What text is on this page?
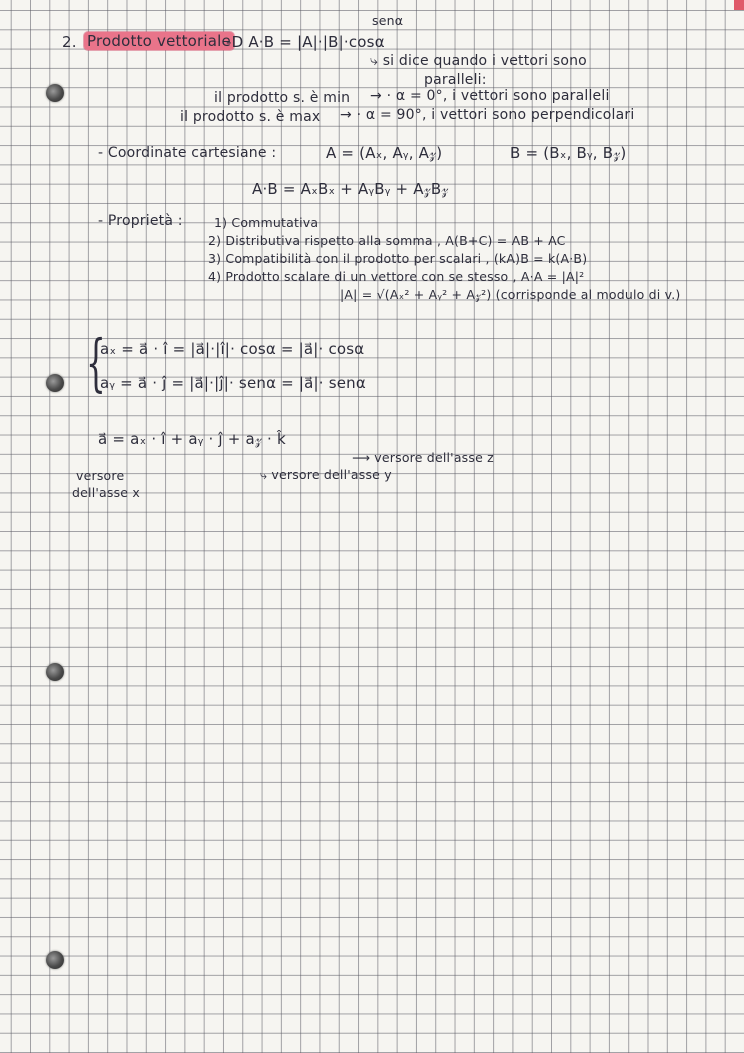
2. Prodotto vettoriale
-D A·B = |A|·|B|·cosα
senα
⤷ si dice quando i vettori sono
paralleli:
il prodotto s. è min → · α = 0°, i vettori sono paralleli
il prodotto s. è max → · α = 90°, i vettori sono perpendicolari
- Coordinate cartesiane :	A = (Aₓ, Aᵧ, A𝓏)	B = (Bₓ, Bᵧ, B𝓏)
A·B = AₓBₓ + AᵧBᵧ + A𝓏B𝓏
- Proprietà :	1) Commutativa
2) Distributiva rispetto alla somma , A(B+C) = AB + AC
3) Compatibilità con il prodotto per scalari , (kA)B = k(A·B)
4) Prodotto scalare di un vettore con se stesso , A·A = |A|²
|A| = √(Aₓ² + Aᵧ² + A𝓏²) (corrisponde al modulo di v.)
{
aₓ = a⃗ · î = |a⃗|·|î|· cosα = |a⃗|· cosα
aᵧ = a⃗ · ĵ = |a⃗|·|ĵ|· senα = |a⃗|· senα
a⃗ = aₓ · î + aᵧ · ĵ + a𝓏 · k̂
⟶ versore dell'asse z
⤷ versore dell'asse y
versore
dell'asse x
